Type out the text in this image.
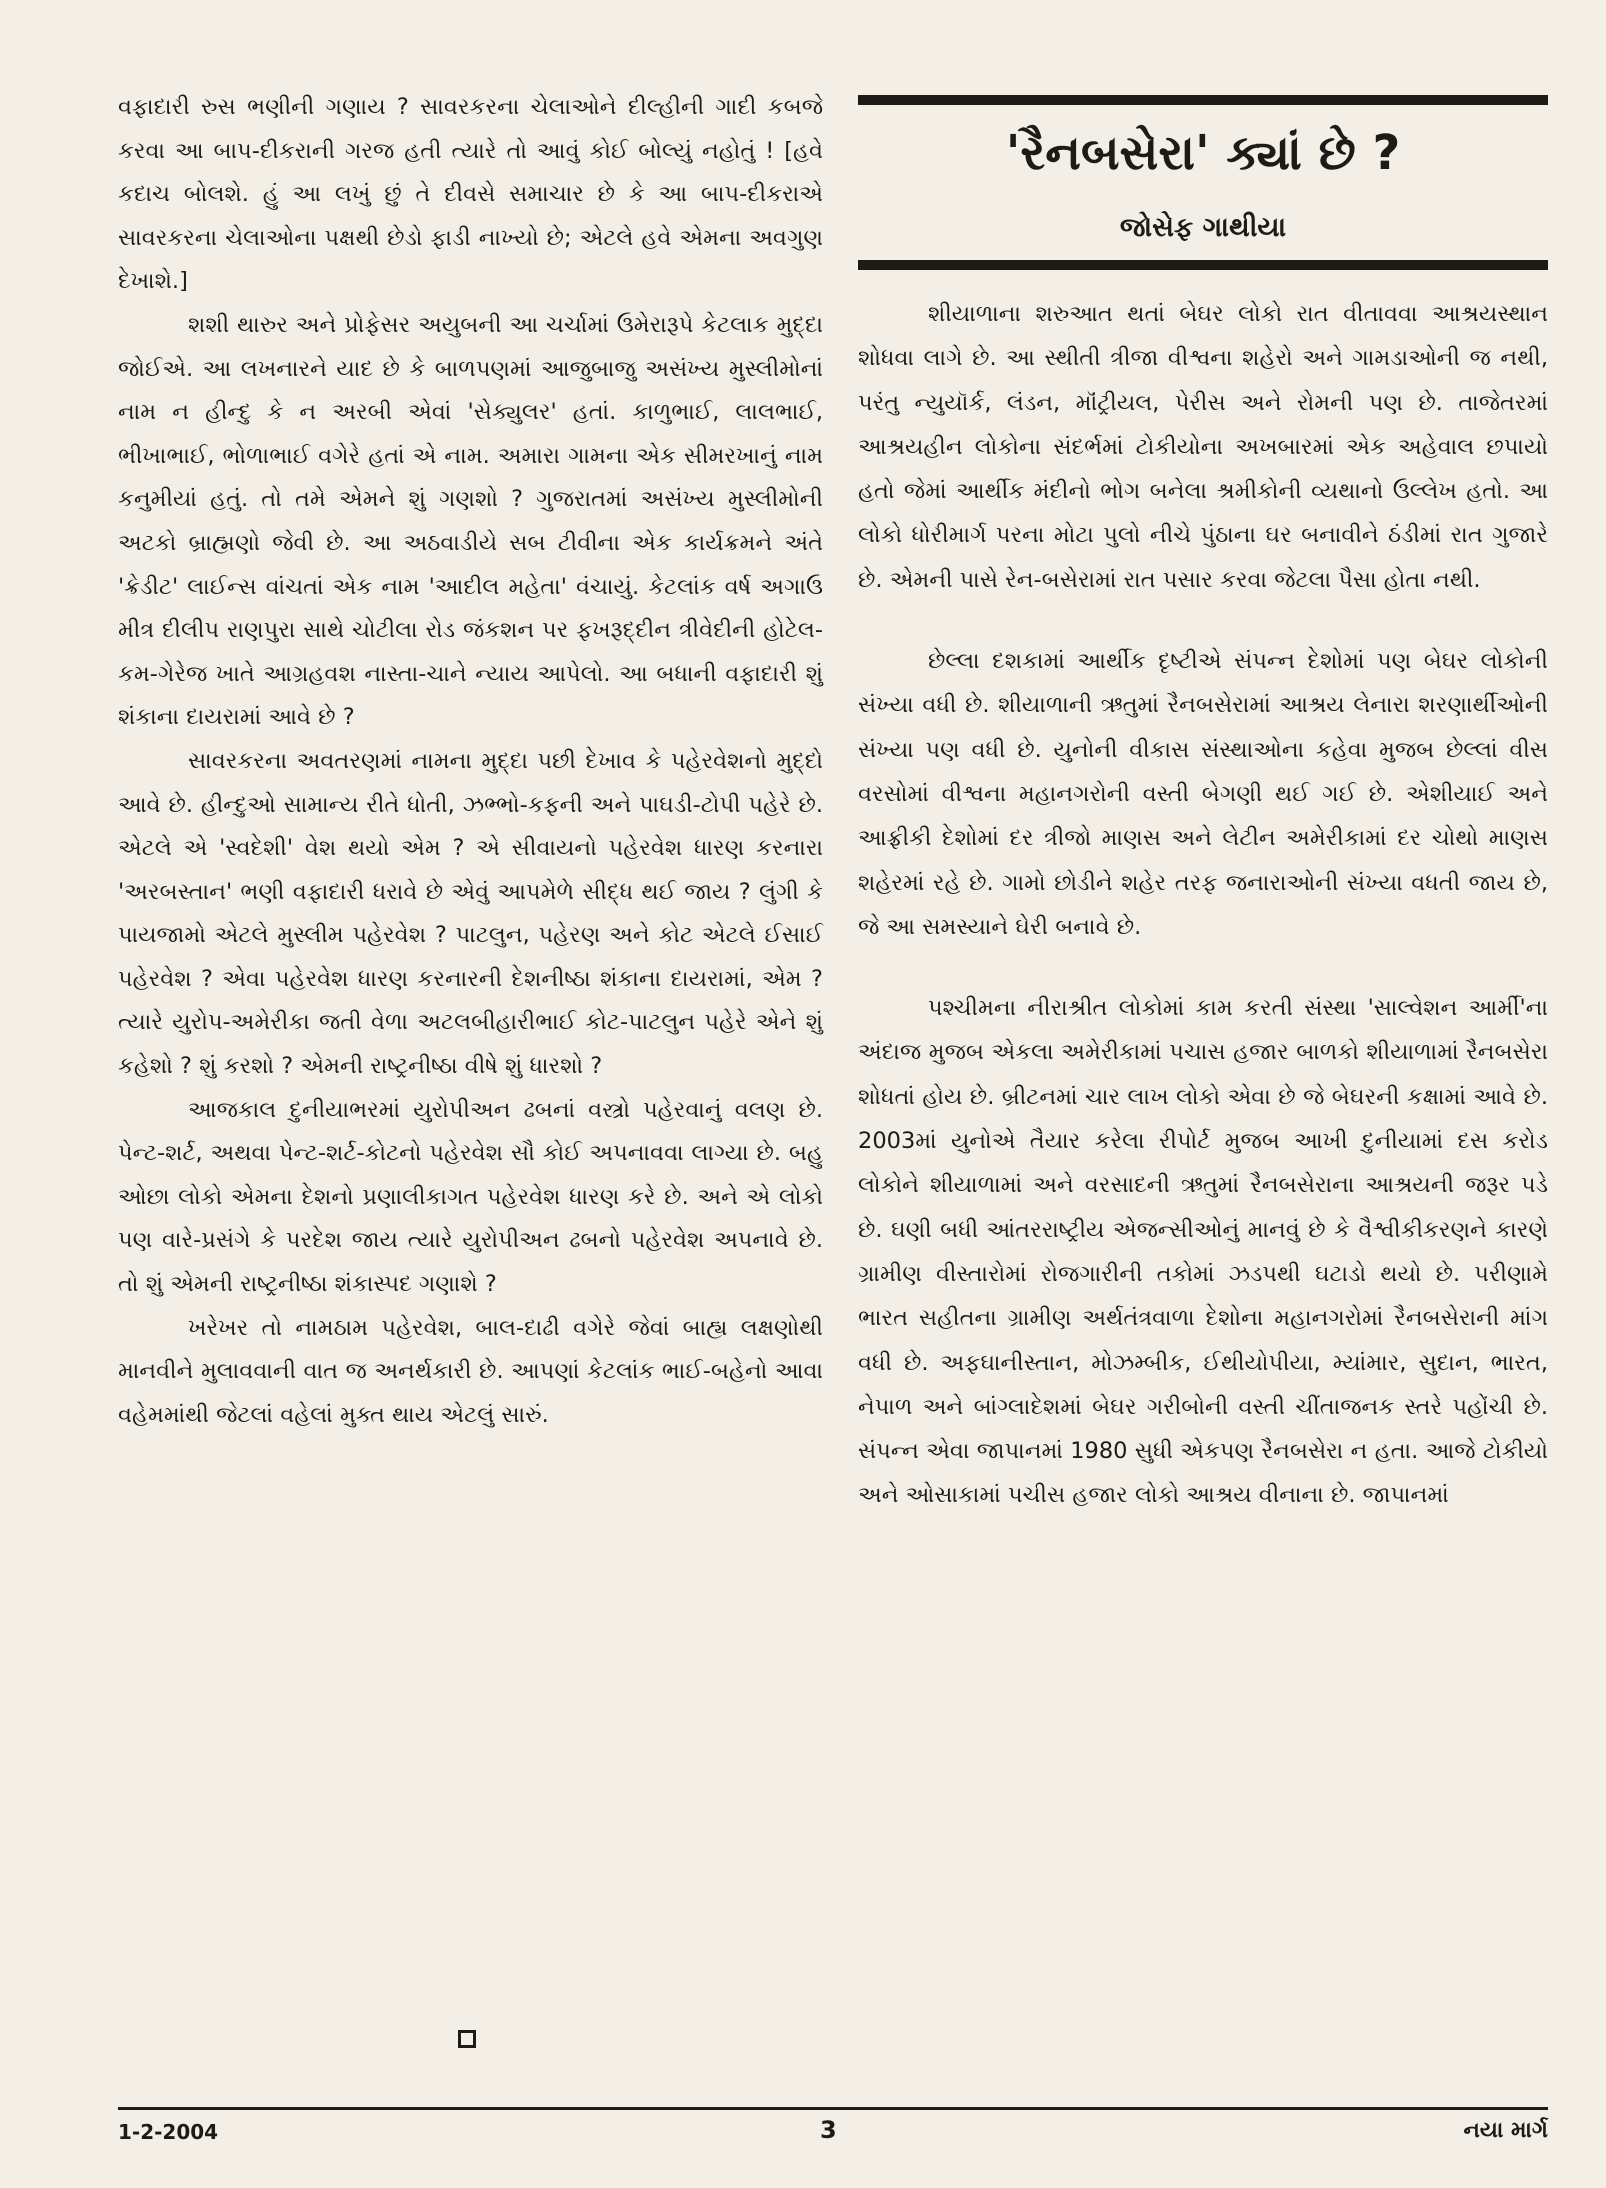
વફાદારી રુસ ભણીની ગણાય ? સાવરકરના ચેલાઓને દીલ્હીની ગાદી કબજે કરવા આ બાપ-દીકરાની ગરજ હતી ત્યારે તો આવું કોઈ બોલ્યું નહોતું ! [હવે કદાચ બોલશે. હું આ લખું છું તે દીવસે સમાચાર છે કે આ બાપ-દીકરાએ સાવરકરના ચેલાઓના પક્ષથી છેડો ફાડી નાખ્યો છે; એટલે હવે એમના અવગુણ દેખાશે.]

શશી થારુર અને પ્રોફેસર અયુબની આ ચર્ચામાં ઉમેરારૂપે કેટલાક મુદ્દા જોઈએ. આ લખનારને યાદ છે કે બાળપણમાં આજુબાજુ અસંખ્ય મુસ્લીમોનાં નામ ન હીન્દુ કે ન અરબી એવાં 'સેક્યુલર' હતાં. કાળુભાઈ, લાલભાઈ, ભીખાભાઈ, ભોળાભાઈ વગેરે હતાં એ નામ. અમારા ગામના એક સીમરખાનું નામ કનુમીયાં હતું. તો તમે એમને શું ગણશો ? ગુજરાતમાં અસંખ્ય મુસ્લીમોની અટકો બ્રાહ્મણો જેવી છે. આ અઠવાડીયે સબ ટીવીના એક કાર્યક્રમને અંતે 'ક્રેડીટ' લાઈન્સ વાંચતાં એક નામ 'આદીલ મહેતા' વંચાયું. કેટલાંક વર્ષ અગાઉ મીત્ર દીલીપ રાણપુરા સાથે ચોટીલા રોડ જંકશન પર ફખરૂદ્દીન ત્રીવેદીની હોટેલ-કમ-ગેરેજ ખાતે આગ્રહવશ નાસ્તા-ચાને ન્યાય આપેલો. આ બધાની વફાદારી શું શંકાના દાયરામાં આવે છે ?

સાવરકરના અવતરણમાં નામના મુદ્દા પછી દેખાવ કે પહેરવેશનો મુદ્દો આવે છે. હીન્દુઓ સામાન્ય રીતે ધોતી, ઝભ્ભો-કફની અને પાઘડી-ટોપી પહેરે છે. એટલે એ 'સ્વદેશી' વેશ થયો એમ ? એ સીવાયનો પહેરવેશ ધારણ કરનારા 'અરબસ્તાન' ભણી વફાદારી ધરાવે છે એવું આપમેળે સીદ્ધ થઈ જાય ? લુંગી કે પાયજામો એટલે મુસ્લીમ પહેરવેશ ? પાટલુન, પહેરણ અને કોટ એટલે ઈસાઈ પહેરવેશ ? એવા પહેરવેશ ધારણ કરનારની દેશનીષ્ઠા શંકાના દાયરામાં, એમ ? ત્યારે યુરોપ-અમેરીકા જતી વેળા અટલબીહારીભાઈ કોટ-પાટલુન પહેરે એને શું કહેશો ? શું કરશો ? એમની રાષ્ટ્રનીષ્ઠા વીષે શું ધારશો ?

આજકાલ દુનીયાભરમાં યુરોપીઅન ઢબનાં વસ્ત્રો પહેરવાનું વલણ છે. પેન્ટ-શર્ટ, અથવા પેન્ટ-શર્ટ-કોટનો પહેરવેશ સૌ કોઈ અપનાવવા લાગ્યા છે. બહુ ઓછા લોકો એમના દેશનો પ્રણાલીકાગત પહેરવેશ ધારણ કરે છે. અને એ લોકો પણ વારે-પ્રસંગે કે પરદેશ જાય ત્યારે યુરોપીઅન ઢબનો પહેરવેશ અપનાવે છે. તો શું એમની રાષ્ટ્રનીષ્ઠા શંકાસ્પદ ગણાશે ?

ખરેખર તો નામઠામ પહેરવેશ, બાલ-દાઢી વગેરે જેવાં બાહ્ય લક્ષણોથી માનવીને મુલાવવાની વાત જ અનર્થકારી છે. આપણાં કેટલાંક ભાઈ-બહેનો આવા વહેમમાંથી જેટલાં વહેલાં મુક્ત થાય એટલું સારું.

'રૈનબસેરા' ક્યાં છે ?
જોસેફ ગાથીયા

શીયાળાના શરુઆત થતાં બેઘર લોકો રાત વીતાવવા આશ્રયસ્થાન શોધવા લાગે છે. આ સ્થીતી ત્રીજા વીશ્વના શહેરો અને ગામડાઓની જ નથી, પરંતુ ન્યુયૉર્ક, લંડન, મૉંટ્રીયલ, પેરીસ અને રોમની પણ છે. તાજેતરમાં આશ્રયહીન લોકોના સંદર્ભમાં ટોકીયોના અખબારમાં એક અહેવાલ છપાયો હતો જેમાં આર્થીક મંદીનો ભોગ બનેલા શ્રમીકોની વ્યથાનો ઉલ્લેખ હતો. આ લોકો ધોરીમાર્ગ પરના મોટા પુલો નીચે પુંઠાના ઘર બનાવીને ઠંડીમાં રાત ગુજારે છે. એમની પાસે રેન-બસેરામાં રાત પસાર કરવા જેટલા પૈસા હોતા નથી.

છેલ્લા દશકામાં આર્થીક દૃષ્ટીએ સંપન્ન દેશોમાં પણ બેઘર લોકોની સંખ્યા વધી છે. શીયાળાની ઋતુમાં રૈનબસેરામાં આશ્રય લેનારા શરણાર્થીઓની સંખ્યા પણ વધી છે. યુનોની વીકાસ સંસ્થાઓના કહેવા મુજબ છેલ્લાં વીસ વરસોમાં વીશ્વના મહાનગરોની વસ્તી બેગણી થઈ ગઈ છે. એશીયાઈ અને આફ્રીકી દેશોમાં દર ત્રીજો માણસ અને લેટીન અમેરીકામાં દર ચોથો માણસ શહેરમાં રહે છે. ગામો છોડીને શહેર તરફ જનારાઓની સંખ્યા વધતી જાય છે, જે આ સમસ્યાને ઘેરી બનાવે છે.

પશ્ચીમના નીરાશ્રીત લોકોમાં કામ કરતી સંસ્થા 'સાલ્વેશન આર્મી'ના અંદાજ મુજબ એકલા અમેરીકામાં પચાસ હજાર બાળકો શીયાળામાં રૈનબસેરા શોધતાં હોય છે. બ્રીટનમાં ચાર લાખ લોકો એવા છે જે બેઘરની કક્ષામાં આવે છે. 2003માં યુનોએ તૈયાર કરેલા રીપોર્ટ મુજબ આખી દુનીયામાં દસ કરોડ લોકોને શીયાળામાં અને વરસાદની ઋતુમાં રૈનબસેરાના આશ્રયની જરૂર પડે છે. ઘણી બધી આંતરરાષ્ટ્રીય એજન્સીઓનું માનવું છે કે વૈશ્વીકીકરણને કારણે ગ્રામીણ વીસ્તારોમાં રોજગારીની તકોમાં ઝડપથી ઘટાડો થયો છે. પરીણામે ભારત સહીતના ગ્રામીણ અર્થતંત્રવાળા દેશોના મહાનગરોમાં રૈનબસેરાની માંગ વધી છે. અફઘાનીસ્તાન, મોઝમ્બીક, ઈથીયોપીયા, મ્યાંમાર, સુદાન, ભારત, નેપાળ અને બાંગ્લાદેશમાં બેઘર ગરીબોની વસ્તી ચીંતાજનક સ્તરે પહોંચી છે. સંપન્ન એવા જાપાનમાં 1980 સુધી એકપણ રૈનબસેરા ન હતા. આજે ટોકીયો અને ઓસાકામાં પચીસ હજાર લોકો આશ્રય વીનાના છે. જાપાનમાં

1-2-2004	3	નયા માર્ગ
